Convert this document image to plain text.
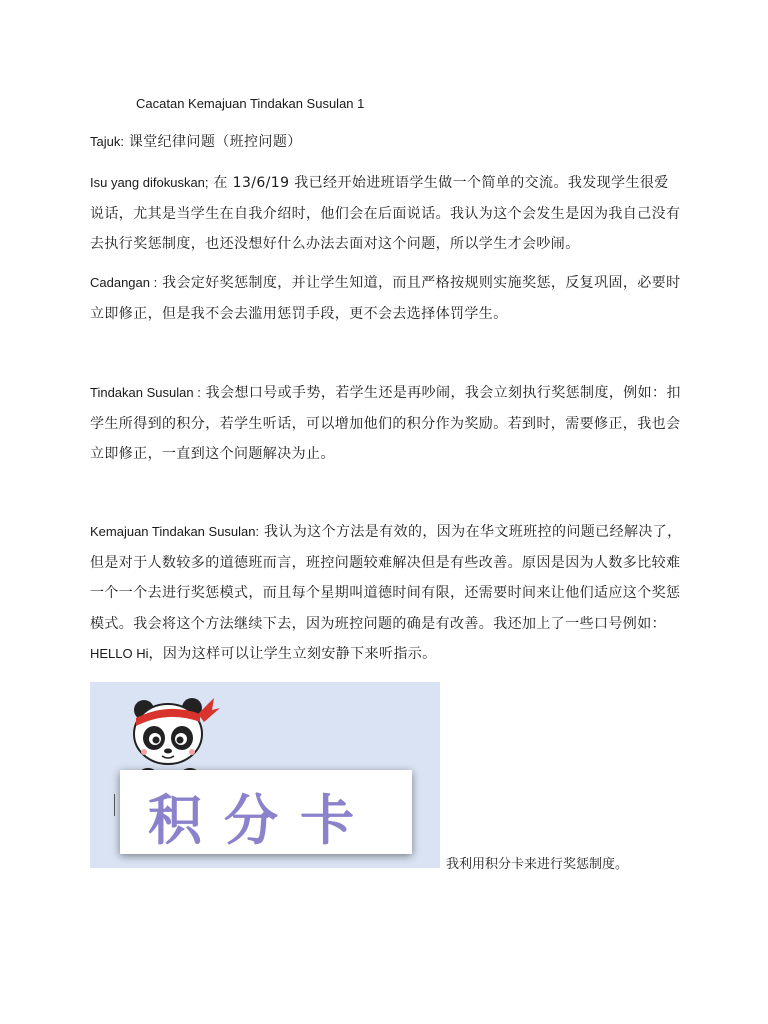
Cacatan Kemajuan Tindakan Susulan 1
Tajuk: 课堂纪律问题（班控问题）
Isu yang difokuskan; 在 13/6/19 我已经开始进班语学生做一个简单的交流。我发现学生很爱说话，尤其是当学生在自我介绍时，他们会在后面说话。我认为这个会发生是因为我自己没有去执行奖惩制度，也还没想好什么办法去面对这个问题，所以学生才会吵闹。
Cadangan : 我会定好奖惩制度，并让学生知道，而且严格按规则实施奖惩，反复巩固，必要时立即修正，但是我不会去滥用惩罚手段，更不会去选择体罚学生。
Tindakan Susulan : 我会想口号或手势，若学生还是再吵闹，我会立刻执行奖惩制度，例如：扣学生所得到的积分，若学生听话，可以增加他们的积分作为奖励。若到时，需要修正，我也会立即修正，一直到这个问题解决为止。
Kemajuan Tindakan Susulan: 我认为这个方法是有效的，因为在华文班班控的问题已经解决了，但是对于人数较多的道德班而言，班控问题较难解决但是有些改善。原因是因为人数多比较难一个一个去进行奖惩模式，而且每个星期叫道德时间有限，还需要时间来让他们适应这个奖惩模式。我会将这个方法继续下去，因为班控问题的确是有改善。我还加上了一些口号例如：HELLO Hi，因为这样可以让学生立刻安静下来听指示。
积分卡
我利用积分卡来进行奖惩制度。
